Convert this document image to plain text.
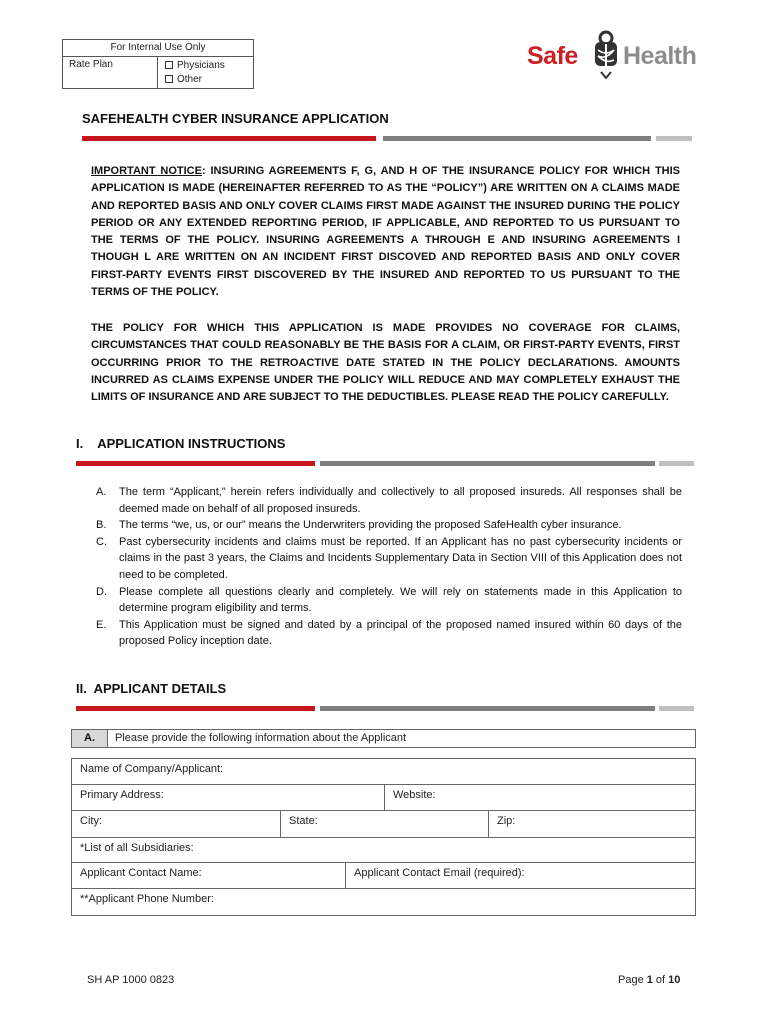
For Internal Use Only
Rate Plan	Physicians
Other
Safe Health
SAFEHEALTH CYBER INSURANCE APPLICATION
IMPORTANT NOTICE: INSURING AGREEMENTS F, G, AND H OF THE INSURANCE POLICY FOR WHICH THIS APPLICATION IS MADE (HEREINAFTER REFERRED TO AS THE “POLICY”) ARE WRITTEN ON A CLAIMS MADE AND REPORTED BASIS AND ONLY COVER CLAIMS FIRST MADE AGAINST THE INSURED DURING THE POLICY PERIOD OR ANY EXTENDED REPORTING PERIOD, IF APPLICABLE, AND REPORTED TO US PURSUANT TO THE TERMS OF THE POLICY. INSURING AGREEMENTS A THROUGH E AND INSURING AGREEMENTS I THOUGH L ARE WRITTEN ON AN INCIDENT FIRST DISCOVED AND REPORTED BASIS AND ONLY COVER FIRST-PARTY EVENTS FIRST DISCOVERED BY THE INSURED AND REPORTED TO US PURSUANT TO THE TERMS OF THE POLICY.
THE POLICY FOR WHICH THIS APPLICATION IS MADE PROVIDES NO COVERAGE FOR CLAIMS, CIRCUMSTANCES THAT COULD REASONABLY BE THE BASIS FOR A CLAIM, OR FIRST-PARTY EVENTS, FIRST OCCURRING PRIOR TO THE RETROACTIVE DATE STATED IN THE POLICY DECLARATIONS. AMOUNTS INCURRED AS CLAIMS EXPENSE UNDER THE POLICY WILL REDUCE AND MAY COMPLETELY EXHAUST THE LIMITS OF INSURANCE AND ARE SUBJECT TO THE DEDUCTIBLES. PLEASE READ THE POLICY CAREFULLY.
I.    APPLICATION INSTRUCTIONS
A. The term “Applicant," herein refers individually and collectively to all proposed insureds. All responses shall be deemed made on behalf of all proposed insureds.
B. The terms “we, us, or our” means the Underwriters providing the proposed SafeHealth cyber insurance.
C. Past cybersecurity incidents and claims must be reported. If an Applicant has no past cybersecurity incidents or claims in the past 3 years, the Claims and Incidents Supplementary Data in Section VIII of this Application does not need to be completed.
D. Please complete all questions clearly and completely. We will rely on statements made in this Application to determine program eligibility and terms.
E. This Application must be signed and dated by a principal of the proposed named insured within 60 days of the proposed Policy inception date.
II.  APPLICANT DETAILS
A.	Please provide the following information about the Applicant
Name of Company/Applicant:
Primary Address:	Website:
City:	State:	Zip:
*List of all Subsidiaries:
Applicant Contact Name:	Applicant Contact Email (required):
**Applicant Phone Number:
SH AP 1000 0823	Page 1 of 10
